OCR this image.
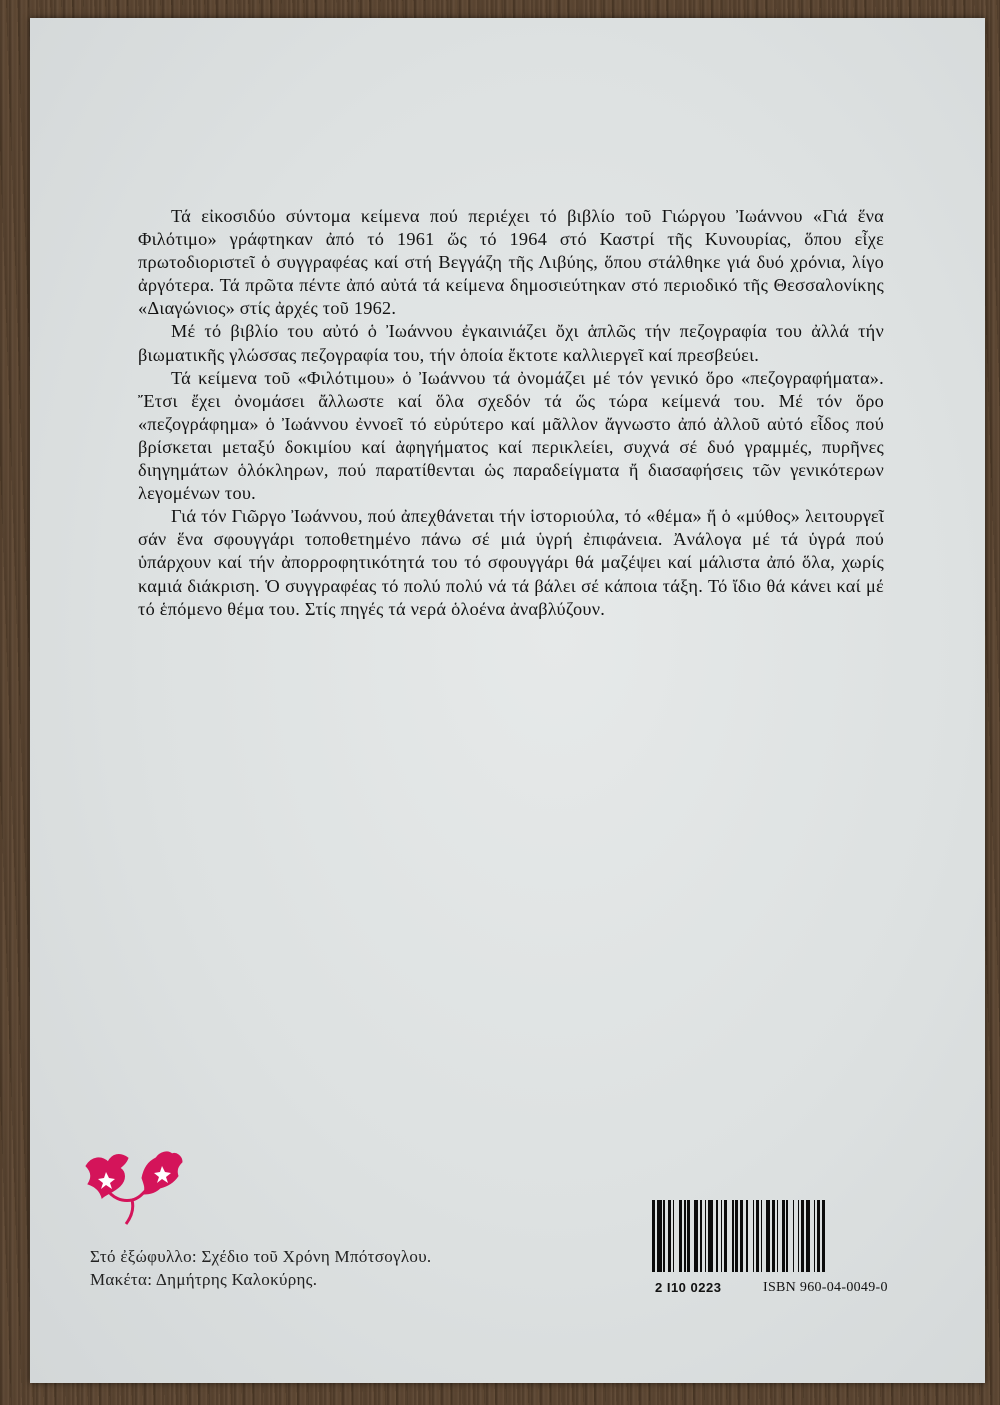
Τά εἰκοσιδύο σύντομα κείμενα πού περιέχει τό βιβλίο τοῦ Γιώργου Ἰωάννου «Γιά ἕνα Φιλότιμο» γράφτηκαν ἀπό τό 1961 ὥς τό 1964 στό Καστρί τῆς Κυνουρίας, ὅπου εἶχε πρωτοδιοριστεῖ ὁ συγγραφέας καί στή Βεγγάζη τῆς Λιβύης, ὅπου στάλθηκε γιά δυό χρόνια, λίγο ἀργότερα. Τά πρῶτα πέντε ἀπό αὐτά τά κείμενα δημοσιεύτηκαν στό περιοδικό τῆς Θεσσαλονίκης «Διαγώνιος» στίς ἀρχές τοῦ 1962.

Μέ τό βιβλίο του αὐτό ὁ Ἰωάννου ἐγκαινιάζει ὄχι ἁπλῶς τήν πεζογραφία του ἀλλά τήν βιωματικῆς γλώσσας πεζογραφία του, τήν ὁποία ἔκτοτε καλλιεργεῖ καί πρεσβεύει.

Τά κείμενα τοῦ «Φιλότιμου» ὁ Ἰωάννου τά ὀνομάζει μέ τόν γενικό ὅρο «πεζογραφήματα». Ἔτσι ἔχει ὀνομάσει ἄλλωστε καί ὅλα σχεδόν τά ὥς τώρα κείμενά του. Μέ τόν ὅρο «πεζογράφημα» ὁ Ἰωάννου ἐννοεῖ τό εὐρύτερο καί μᾶλλον ἄγνωστο ἀπό ἀλλοῦ αὐτό εἶδος πού βρίσκεται μεταξύ δοκιμίου καί ἀφηγήματος καί περικλείει, συχνά σέ δυό γραμμές, πυρῆνες διηγημάτων ὁλόκληρων, πού παρατίθενται ὡς παραδείγματα ἤ διασαφήσεις τῶν γενικότερων λεγομένων του.

Γιά τόν Γιῶργο Ἰωάννου, πού ἀπεχθάνεται τήν ἱστοριούλα, τό «θέμα» ἤ ὁ «μύθος» λειτουργεῖ σάν ἕνα σφουγγάρι τοποθετημένο πάνω σέ μιά ὑγρή ἐπιφάνεια. Ἀνάλογα μέ τά ὑγρά πού ὑπάρχουν καί τήν ἀπορροφητικότητά του τό σφουγγάρι θά μαζέψει καί μάλιστα ἀπό ὅλα, χωρίς καμιά διάκριση. Ὁ συγγραφέας τό πολύ πολύ νά τά βάλει σέ κάποια τάξη. Τό ἴδιο θά κάνει καί μέ τό ἑπόμενο θέμα του. Στίς πηγές τά νερά ὁλοένα ἀναβλύζουν.

Στό ἐξώφυλλο: Σχέδιο τοῦ Χρόνη Μπότσογλου.
Μακέτα: Δημήτρης Καλοκύρης.	2 I10 0223	ISBN 960-04-0049-0
